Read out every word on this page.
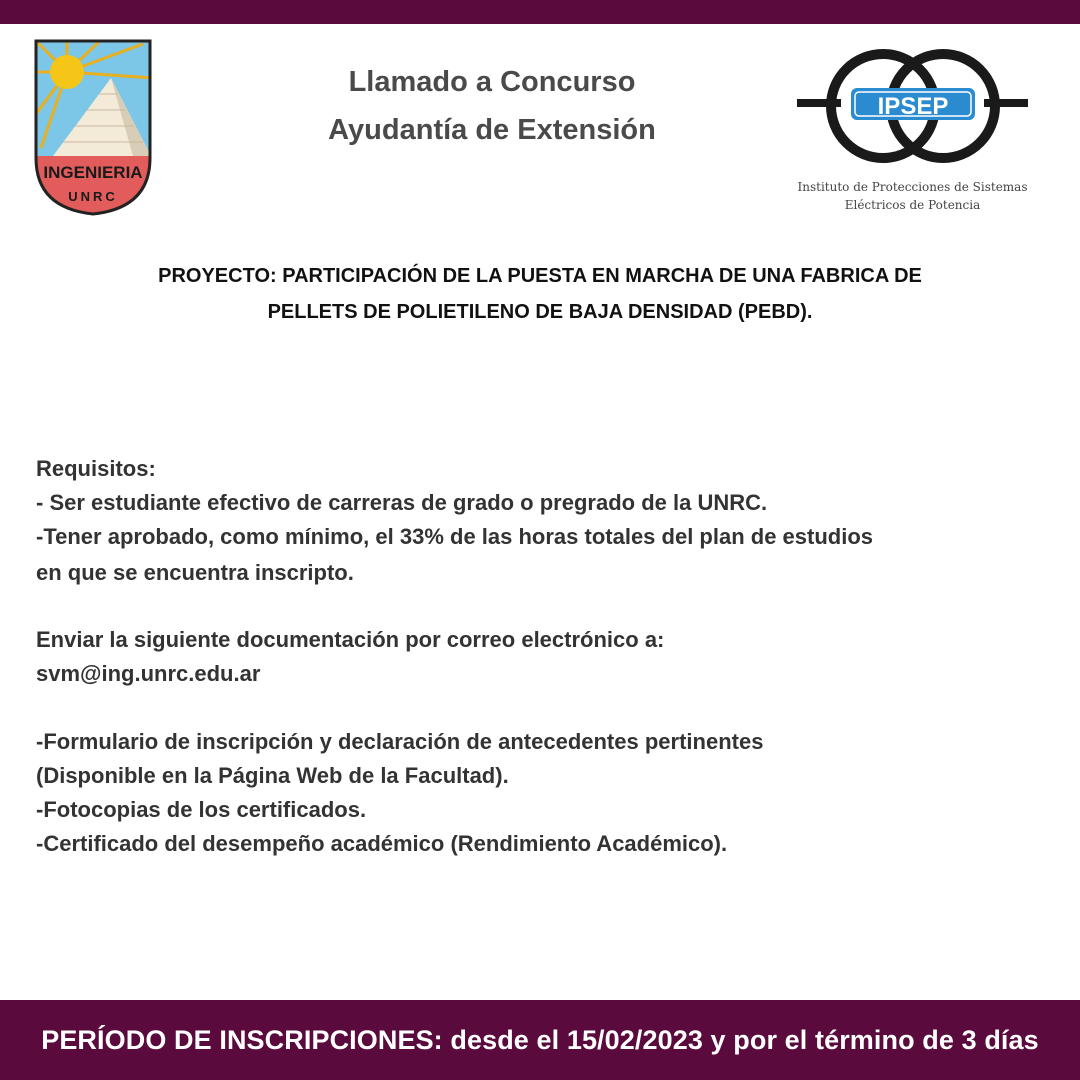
INGENIERIA
UNRC
Llamado a Concurso
Ayudantía de Extensión
IPSEP
Instituto de Protecciones de Sistemas
Eléctricos de Potencia
PROYECTO: PARTICIPACIÓN DE LA PUESTA EN MARCHA DE UNA FABRICA DE
PELLETS DE POLIETILENO DE BAJA DENSIDAD (PEBD).
Requisitos:
- Ser estudiante efectivo de carreras de grado o pregrado de la UNRC.
-Tener aprobado, como mínimo, el 33% de las horas totales del plan de estudios
en que se encuentra inscripto.
Enviar la siguiente documentación por correo electrónico a:
svm@ing.unrc.edu.ar
-Formulario de inscripción y declaración de antecedentes pertinentes
(Disponible en la Página Web de la Facultad).
-Fotocopias de los certificados.
-Certificado del desempeño académico (Rendimiento Académico).
PERÍODO DE INSCRIPCIONES: desde el 15/02/2023 y por el término de 3 días
